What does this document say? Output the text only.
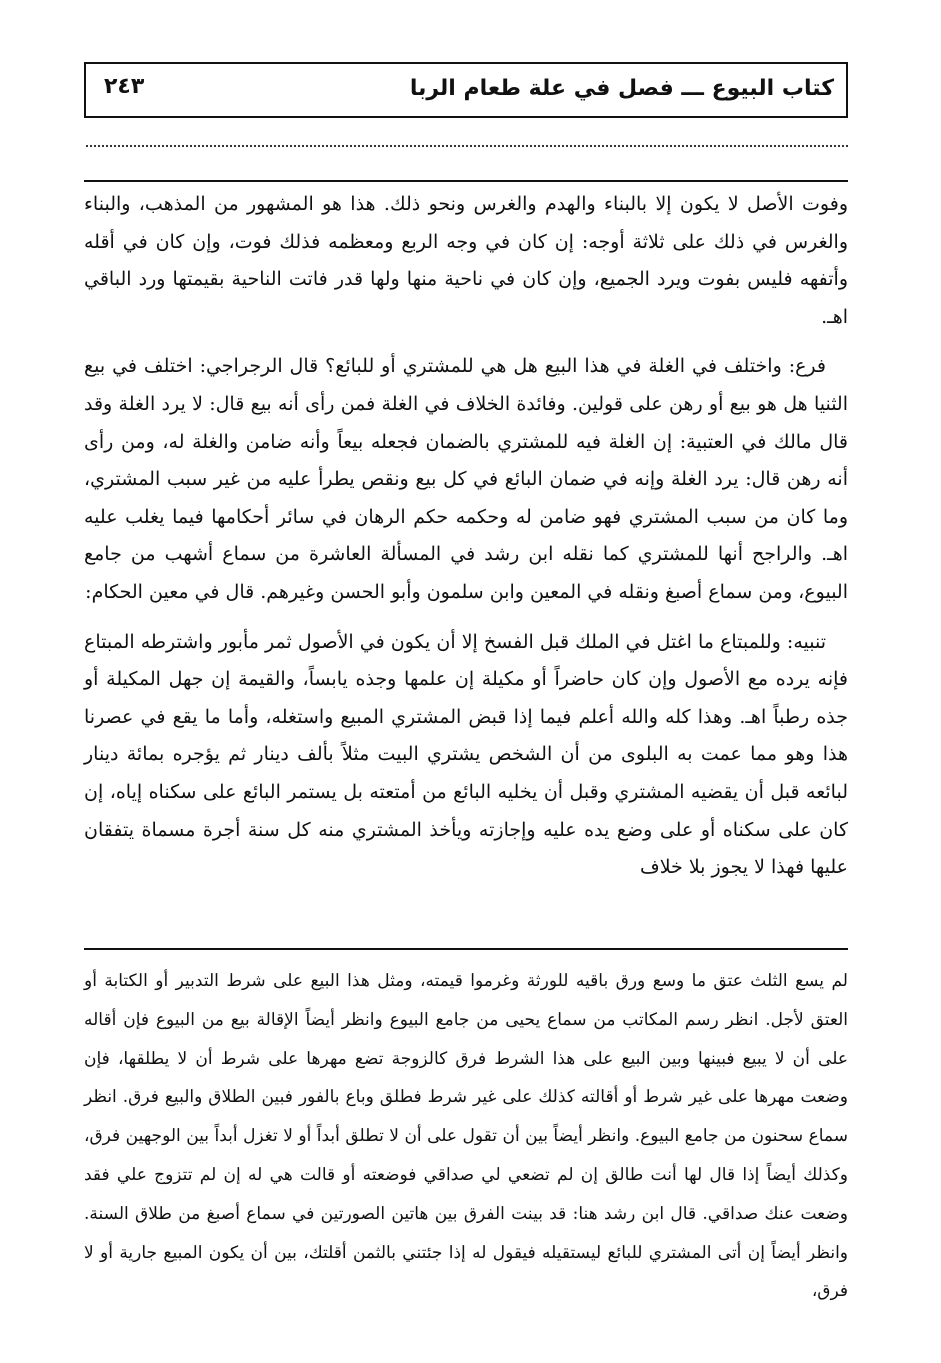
كتاب البيوع ـــ فصل في علة طعام الربا
٢٤٣

وفوت الأصل لا يكون إلا بالبناء والهدم والغرس ونحو ذلك. هذا هو المشهور من المذهب، والبناء والغرس في ذلك على ثلاثة أوجه: إن كان في وجه الربع ومعظمه فذلك فوت، وإن كان في أقله وأتفهه فليس بفوت ويرد الجميع، وإن كان في ناحية منها ولها قدر فاتت الناحية بقيمتها ورد الباقي اهـ.

فرع: واختلف في الغلة في هذا البيع هل هي للمشتري أو للبائع؟ قال الرجراجي: اختلف في بيع الثنيا هل هو بيع أو رهن على قولين. وفائدة الخلاف في الغلة فمن رأى أنه بيع قال: لا يرد الغلة وقد قال مالك في العتبية: إن الغلة فيه للمشتري بالضمان فجعله بيعاً وأنه ضامن والغلة له، ومن رأى أنه رهن قال: يرد الغلة وإنه في ضمان البائع في كل بيع ونقص يطرأ عليه من غير سبب المشتري، وما كان من سبب المشتري فهو ضامن له وحكمه حكم الرهان في سائر أحكامها فيما يغلب عليه اهـ. والراجح أنها للمشتري كما نقله ابن رشد في المسألة العاشرة من سماع أشهب من جامع البيوع، ومن سماع أصبغ ونقله في المعين وابن سلمون وأبو الحسن وغيرهم. قال في معين الحكام:

تنبيه: وللمبتاع ما اغتل في الملك قبل الفسخ إلا أن يكون في الأصول ثمر مأبور واشترطه المبتاع فإنه يرده مع الأصول وإن كان حاضراً أو مكيلة إن علمها وجذه يابساً، والقيمة إن جهل المكيلة أو جذه رطباً اهـ. وهذا كله والله أعلم فيما إذا قبض المشتري المبيع واستغله، وأما ما يقع في عصرنا هذا وهو مما عمت به البلوى من أن الشخص يشتري البيت مثلاً بألف دينار ثم يؤجره بمائة دينار لبائعه قبل أن يقضيه المشتري وقبل أن يخليه البائع من أمتعته بل يستمر البائع على سكناه إياه، إن كان على سكناه أو على وضع يده عليه وإجازته ويأخذ المشتري منه كل سنة أجرة مسماة يتفقان عليها فهذا لا يجوز بلا خلاف

لم يسع الثلث عتق ما وسع ورق باقيه للورثة وغرموا قيمته، ومثل هذا البيع على شرط التدبير أو الكتابة أو العتق لأجل. انظر رسم المكاتب من سماع يحيى من جامع البيوع وانظر أيضاً الإقالة بيع من البيوع فإن أقاله على أن لا يبيع فبينها وبين البيع على هذا الشرط فرق كالزوجة تضع مهرها على شرط أن لا يطلقها، فإن وضعت مهرها على غير شرط أو أقالته كذلك على غير شرط فطلق وباع بالفور فبين الطلاق والبيع فرق. انظر سماع سحنون من جامع البيوع. وانظر أيضاً بين أن تقول على أن لا تطلق أبداً أو لا تغزل أبداً بين الوجهين فرق، وكذلك أيضاً إذا قال لها أنت طالق إن لم تضعي لي صداقي فوضعته أو قالت هي له إن لم تتزوج علي فقد وضعت عنك صداقي. قال ابن رشد هنا: قد بينت الفرق بين هاتين الصورتين في سماع أصبغ من طلاق السنة. وانظر أيضاً إن أتى المشتري للبائع ليستقيله فيقول له إذا جئتني بالثمن أقلتك، بين أن يكون المبيع جارية أو لا فرق،
